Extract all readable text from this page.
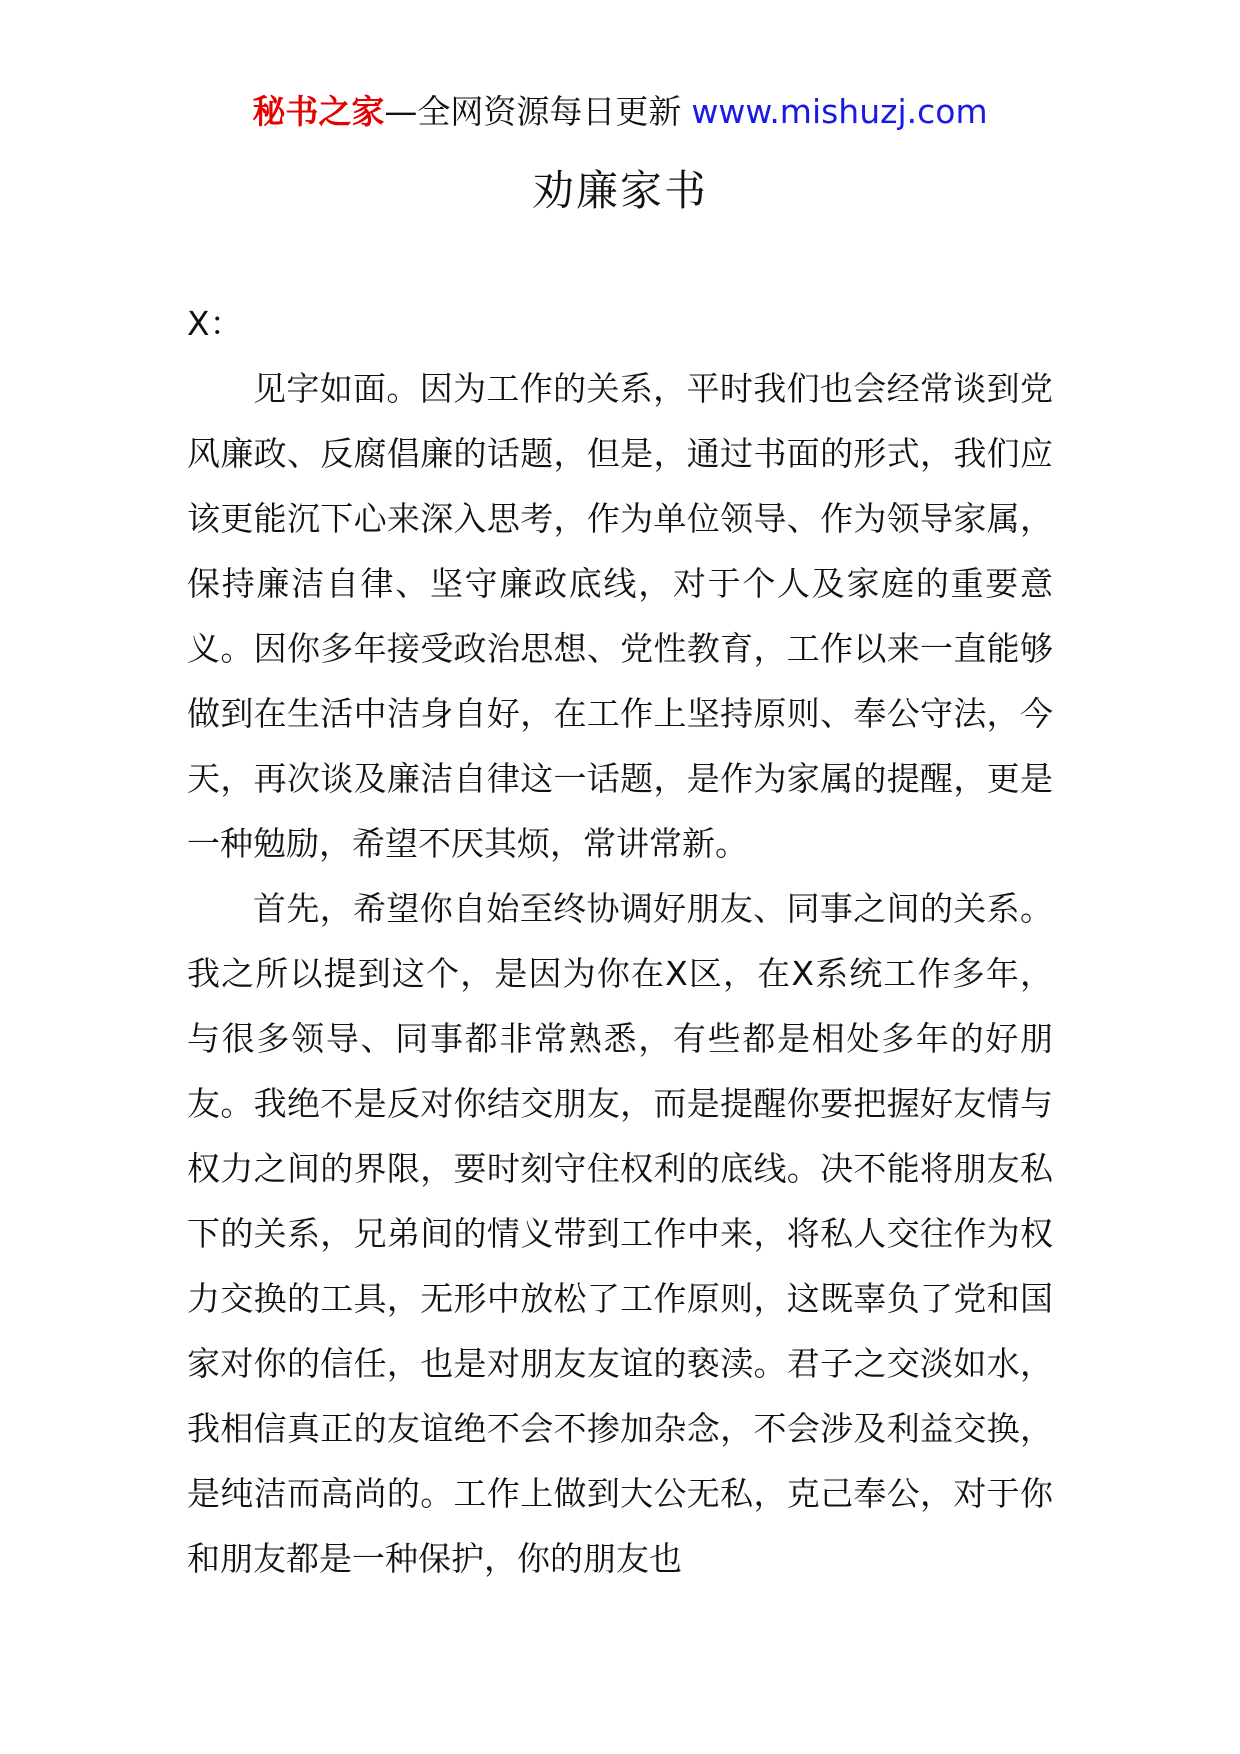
秘书之家—全网资源每日更新 www.mishuzj.com
劝廉家书

X：

见字如面。因为工作的关系，平时我们也会经常谈到党风廉政、反腐倡廉的话题，但是，通过书面的形式，我们应该更能沉下心来深入思考，作为单位领导、作为领导家属，保持廉洁自律、坚守廉政底线，对于个人及家庭的重要意义。因你多年接受政治思想、党性教育，工作以来一直能够做到在生活中洁身自好，在工作上坚持原则、奉公守法，今天，再次谈及廉洁自律这一话题，是作为家属的提醒，更是一种勉励，希望不厌其烦，常讲常新。

首先，希望你自始至终协调好朋友、同事之间的关系。我之所以提到这个，是因为你在X区，在X系统工作多年，与很多领导、同事都非常熟悉，有些都是相处多年的好朋友。我绝不是反对你结交朋友，而是提醒你要把握好友情与权力之间的界限，要时刻守住权利的底线。决不能将朋友私下的关系，兄弟间的情义带到工作中来，将私人交往作为权力交换的工具，无形中放松了工作原则，这既辜负了党和国家对你的信任，也是对朋友友谊的亵渎。君子之交淡如水，我相信真正的友谊绝不会不掺加杂念，不会涉及利益交换，是纯洁而高尚的。工作上做到大公无私，克己奉公，对于你和朋友都是一种保护，你的朋友也
